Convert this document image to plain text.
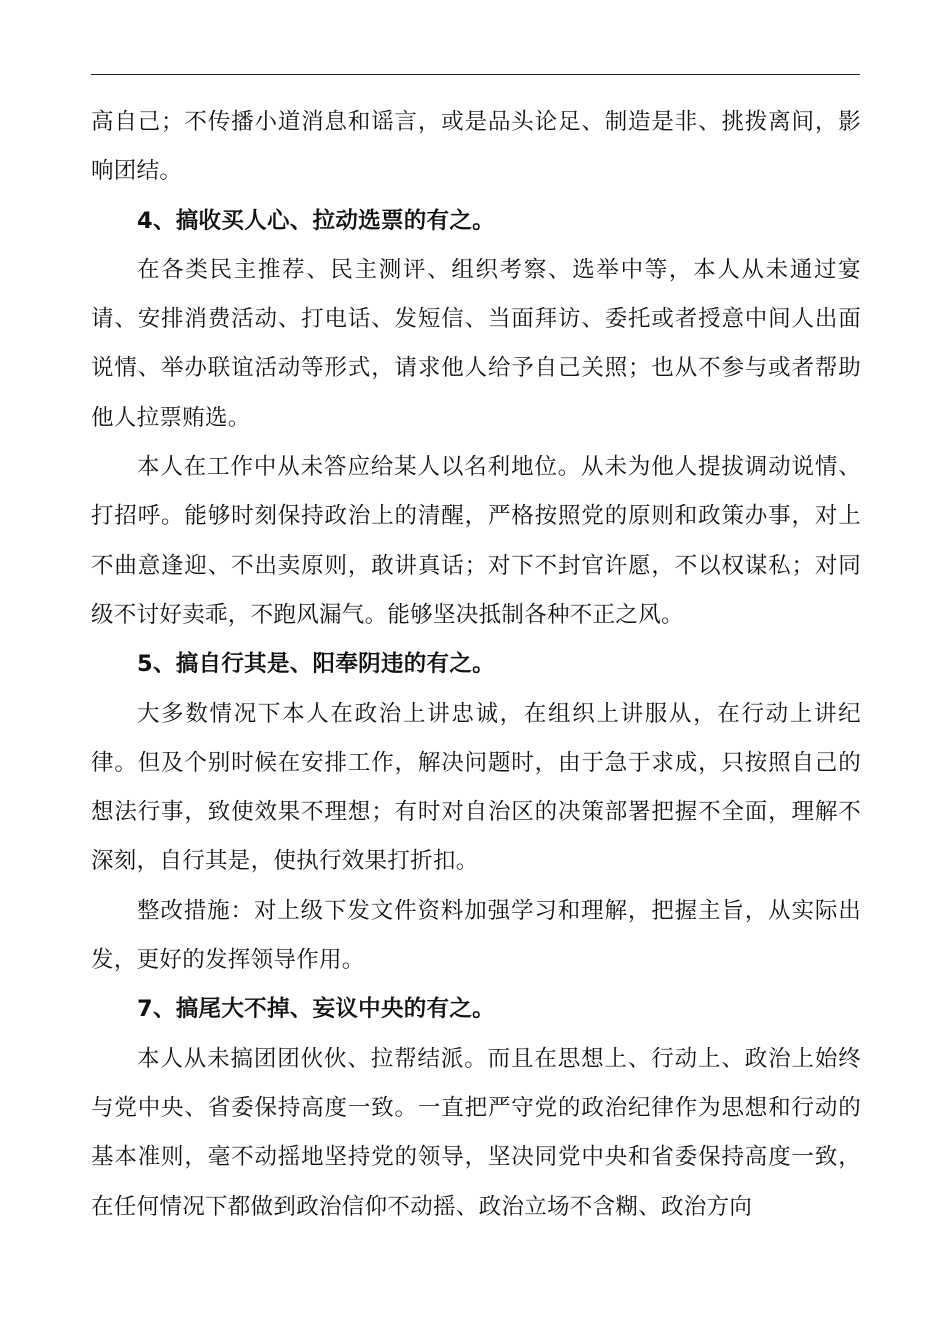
高自己；不传播小道消息和谣言，或是品头论足、制造是非、挑拨离间，影响团结。

4、搞收买人心、拉动选票的有之。

在各类民主推荐、民主测评、组织考察、选举中等，本人从未通过宴请、安排消费活动、打电话、发短信、当面拜访、委托或者授意中间人出面说情、举办联谊活动等形式，请求他人给予自己关照；也从不参与或者帮助他人拉票贿选。

本人在工作中从未答应给某人以名利地位。从未为他人提拔调动说情、打招呼。能够时刻保持政治上的清醒，严格按照党的原则和政策办事，对上不曲意逢迎、不出卖原则，敢讲真话；对下不封官许愿，不以权谋私；对同级不讨好卖乖，不跑风漏气。能够坚决抵制各种不正之风。

5、搞自行其是、阳奉阴违的有之。

大多数情况下本人在政治上讲忠诚，在组织上讲服从，在行动上讲纪律。但及个别时候在安排工作，解决问题时，由于急于求成，只按照自己的想法行事，致使效果不理想；有时对自治区的决策部署把握不全面，理解不深刻，自行其是，使执行效果打折扣。

整改措施：对上级下发文件资料加强学习和理解，把握主旨，从实际出发，更好的发挥领导作用。

7、搞尾大不掉、妄议中央的有之。

本人从未搞团团伙伙、拉帮结派。而且在思想上、行动上、政治上始终与党中央、省委保持高度一致。一直把严守党的政治纪律作为思想和行动的基本准则，毫不动摇地坚持党的领导，坚决同党中央和省委保持高度一致，在任何情况下都做到政治信仰不动摇、政治立场不含糊、政治方向
